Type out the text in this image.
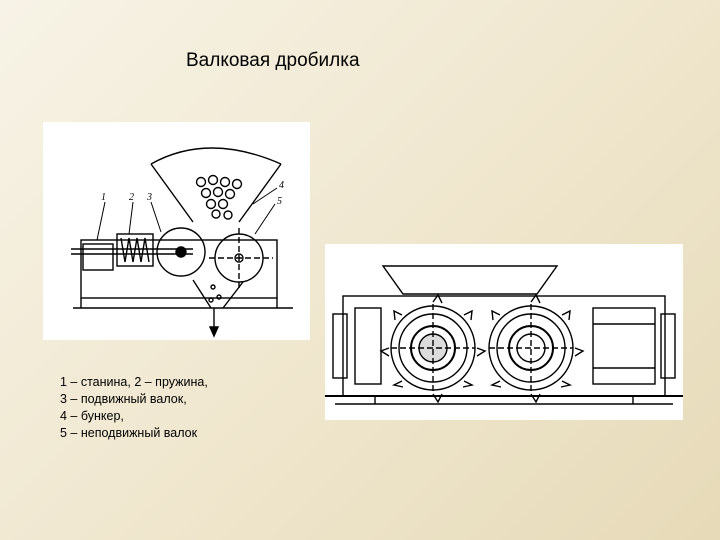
Валковая дробилка
1 2 3
4
5
1 – станина, 2 – пружина,
3 – подвижный валок,
4 – бункер,
5 – неподвижный валок
